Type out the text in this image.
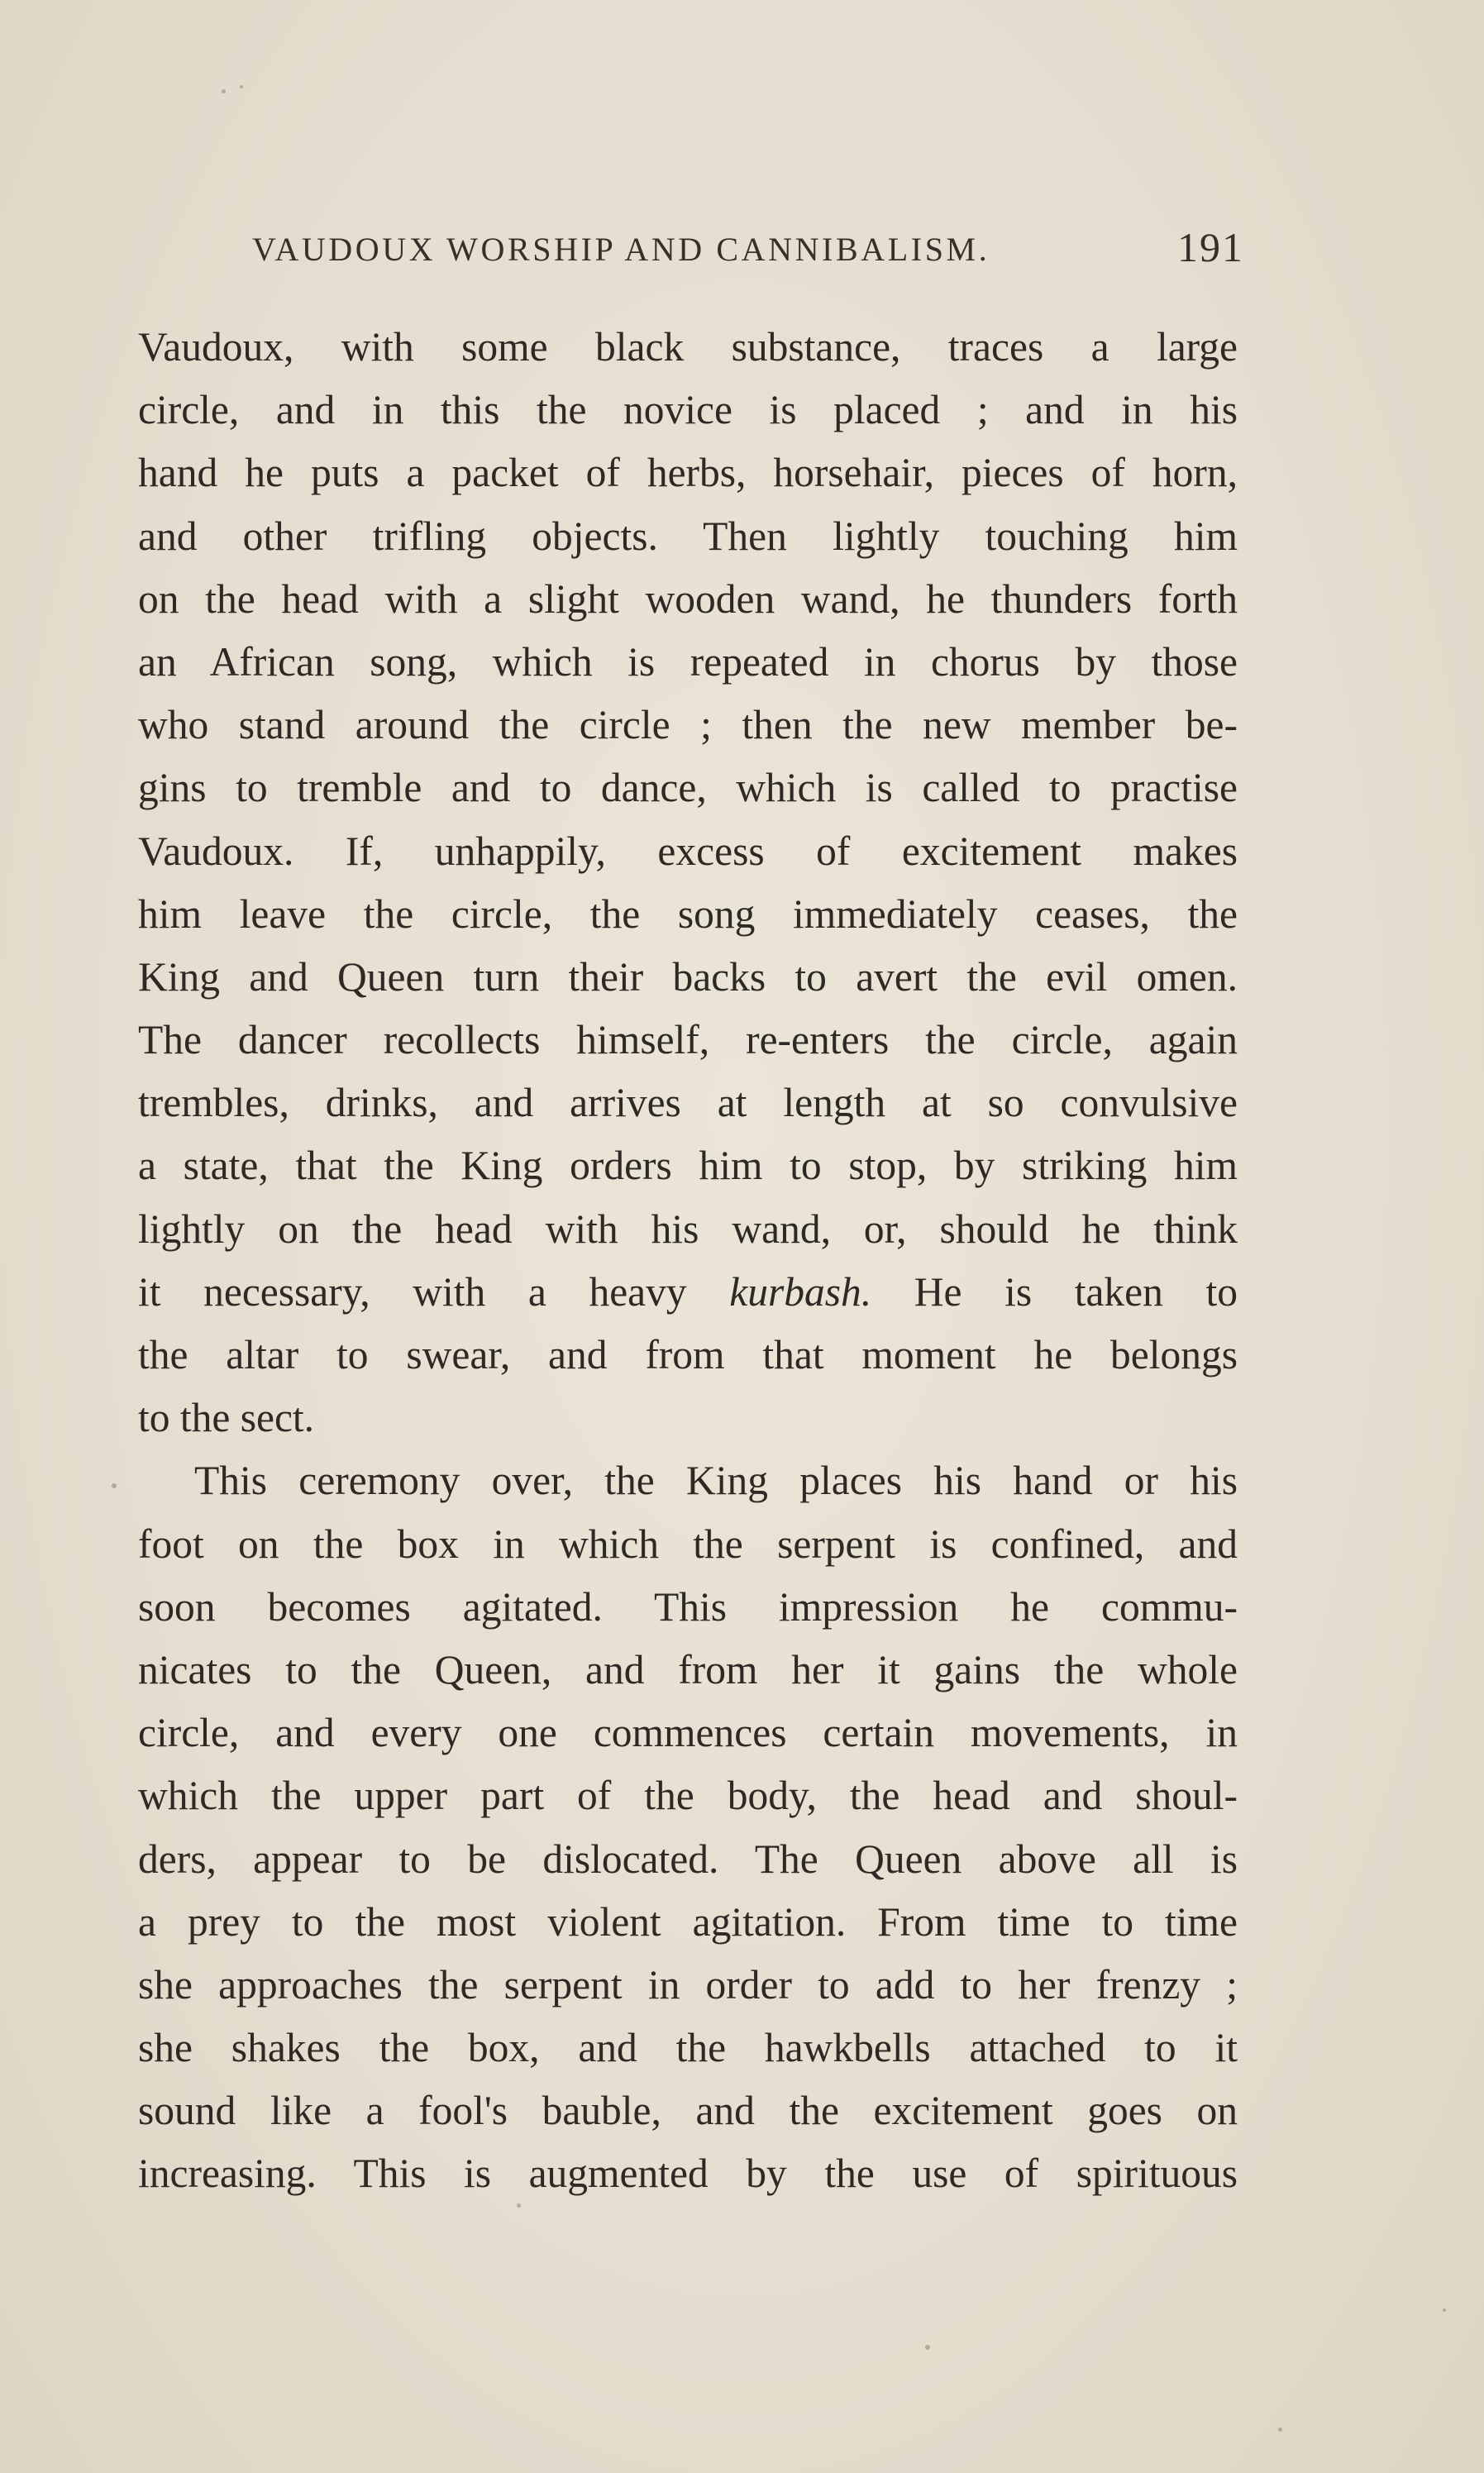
VAUDOUX WORSHIP AND CANNIBALISM.	191
Vaudoux, with some black substance, traces a large
circle, and in this the novice is placed ; and in his
hand he puts a packet of herbs, horsehair, pieces of horn,
and other trifling objects. Then lightly touching him
on the head with a slight wooden wand, he thunders forth
an African song, which is repeated in chorus by those
who stand around the circle ; then the new member be-
gins to tremble and to dance, which is called to practise
Vaudoux. If, unhappily, excess of excitement makes
him leave the circle, the song immediately ceases, the
King and Queen turn their backs to avert the evil omen.
The dancer recollects himself, re-enters the circle, again
trembles, drinks, and arrives at length at so convulsive
a state, that the King orders him to stop, by striking him
lightly on the head with his wand, or, should he think
it necessary, with a heavy kurbash. He is taken to
the altar to swear, and from that moment he belongs
to the sect.
This ceremony over, the King places his hand or his
foot on the box in which the serpent is confined, and
soon becomes agitated. This impression he commu-
nicates to the Queen, and from her it gains the whole
circle, and every one commences certain movements, in
which the upper part of the body, the head and shoul-
ders, appear to be dislocated. The Queen above all is
a prey to the most violent agitation. From time to time
she approaches the serpent in order to add to her frenzy ;
she shakes the box, and the hawkbells attached to it
sound like a fool's bauble, and the excitement goes on
increasing. This is augmented by the use of spirituous
